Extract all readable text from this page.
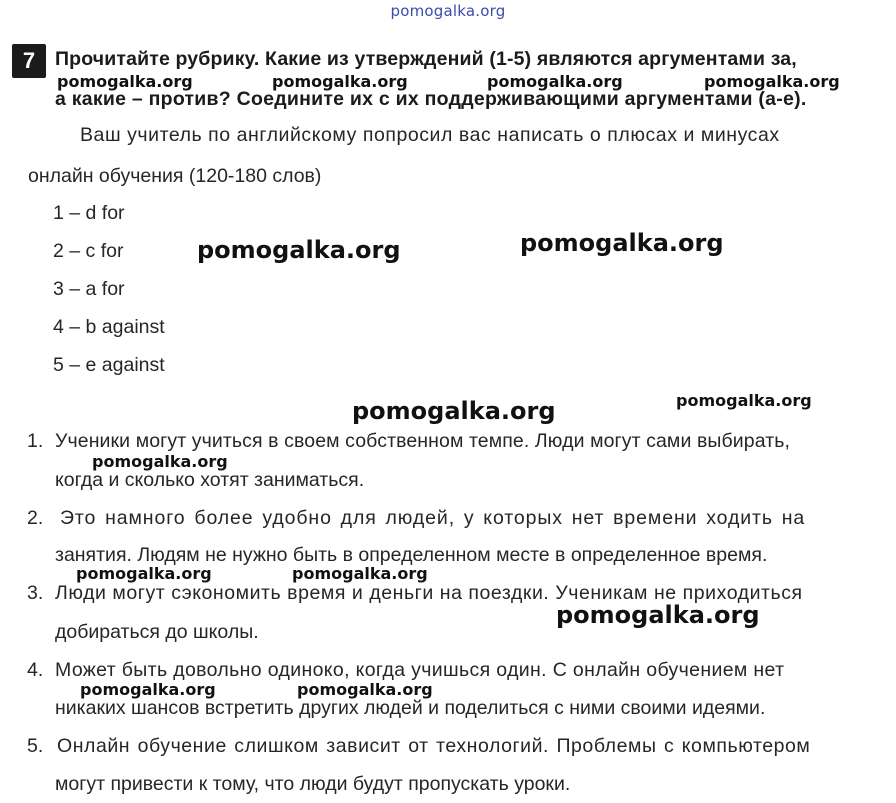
pomogalka.org
7	Прочитайте рубрику. Какие из утверждений (1-5) являются аргументами за,
а какие – против? Соедините их с их поддерживающими аргументами (a-e).
pomogalka.org	pomogalka.org	pomogalka.org	pomogalka.org
Ваш учитель по английскому попросил вас написать о плюсах и минусах
онлайн обучения (120-180 слов)
1 – d for
2 – c for
3 – a for
4 – b against
5 – e against
pomogalka.org	pomogalka.org
pomogalka.org	pomogalka.org
1. Ученики могут учиться в своем собственном темпе. Люди могут сами выбирать,
pomogalka.org
когда и сколько хотят заниматься.
2. Это намного более удобно для людей, у которых нет времени ходить на
занятия. Людям не нужно быть в определенном месте в определенное время.
pomogalka.org	pomogalka.org
3. Люди могут сэкономить время и деньги на поездки. Ученикам не приходиться
добираться до школы.
pomogalka.org
4. Может быть довольно одиноко, когда учишься один. С онлайн обучением нет
pomogalka.org	pomogalka.org
никаких шансов встретить других людей и поделиться с ними своими идеями.
5. Онлайн обучение слишком зависит от технологий. Проблемы с компьютером
могут привести к тому, что люди будут пропускать уроки.
